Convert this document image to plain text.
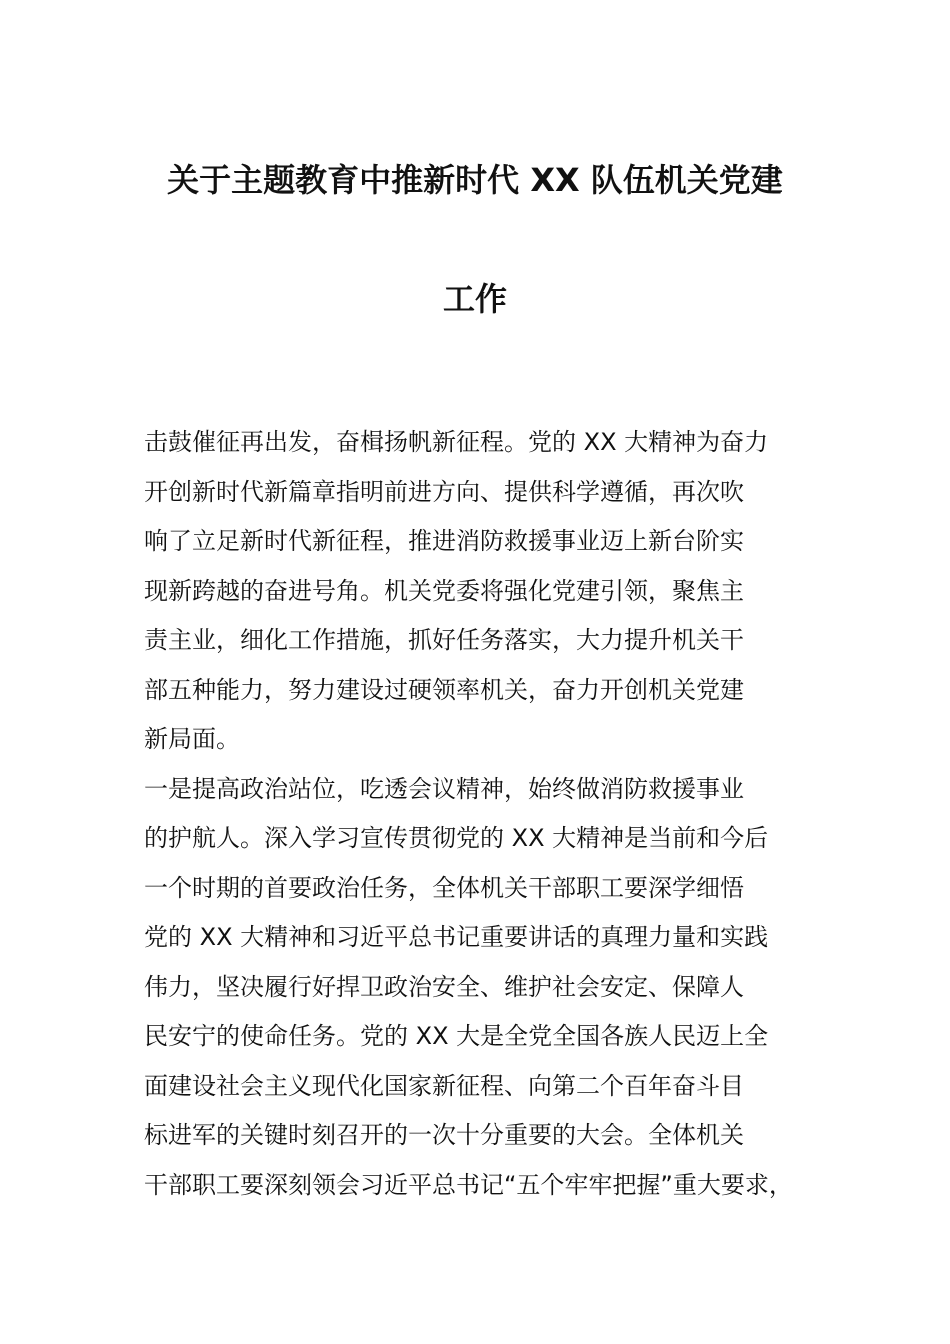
关于主题教育中推新时代 XX 队伍机关党建
工作
击鼓催征再出发，奋楫扬帆新征程。党的 XX 大精神为奋力
开创新时代新篇章指明前进方向、提供科学遵循，再次吹
响了立足新时代新征程，推进消防救援事业迈上新台阶实
现新跨越的奋进号角。机关党委将强化党建引领，聚焦主
责主业，细化工作措施，抓好任务落实，大力提升机关干
部五种能力，努力建设过硬领率机关，奋力开创机关党建
新局面。
一是提高政治站位，吃透会议精神，始终做消防救援事业
的护航人。深入学习宣传贯彻党的 XX 大精神是当前和今后
一个时期的首要政治任务，全体机关干部职工要深学细悟
党的 XX 大精神和习近平总书记重要讲话的真理力量和实践
伟力，坚决履行好捍卫政治安全、维护社会安定、保障人
民安宁的使命任务。党的 XX 大是全党全国各族人民迈上全
面建设社会主义现代化国家新征程、向第二个百年奋斗目
标进军的关键时刻召开的一次十分重要的大会。全体机关
干部职工要深刻领会习近平总书记“五个牢牢把握”重大要求，
